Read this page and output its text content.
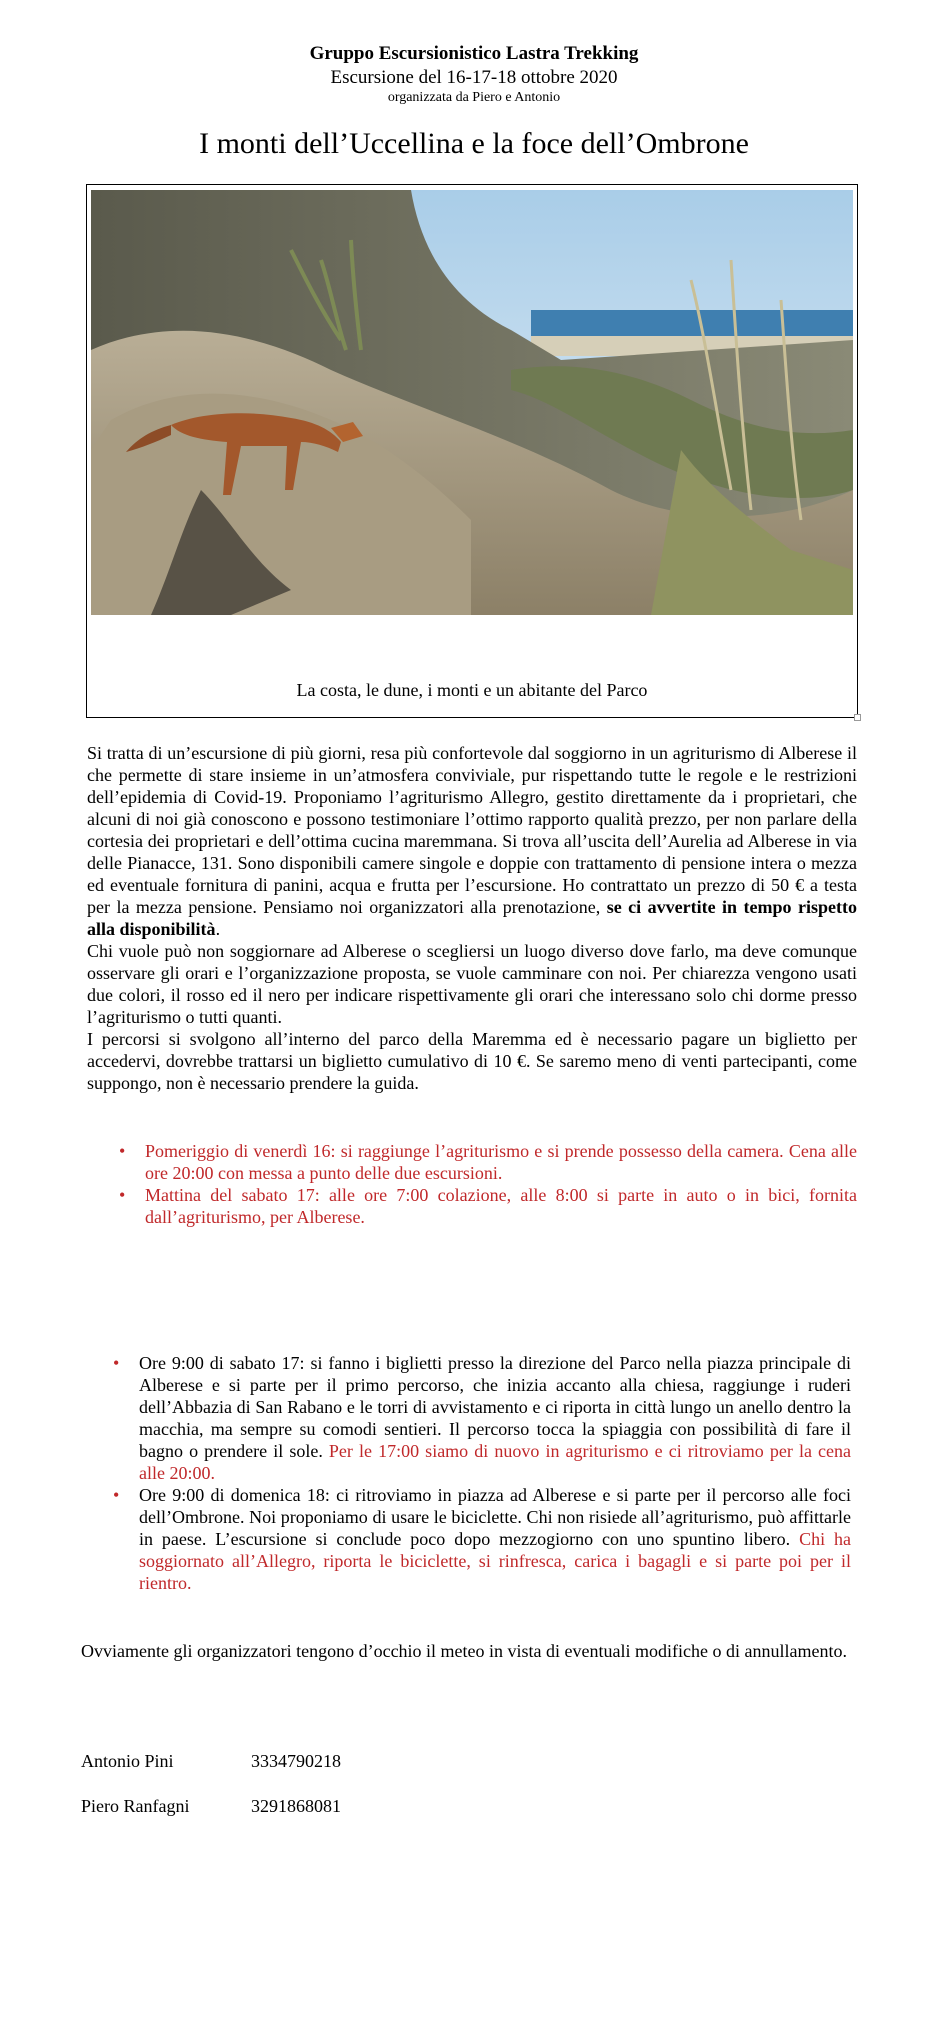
Gruppo Escursionistico Lastra Trekking
Escursione del 16-17-18 ottobre 2020
organizzata da Piero e Antonio
I monti dell’Uccellina e la foce dell’Ombrone
La costa, le dune, i monti e un abitante del Parco

Si tratta di un’escursione di più giorni, resa più confortevole dal soggiorno in un agriturismo di Alberese il che permette di stare insieme in un’atmosfera conviviale, pur rispettando tutte le regole e le restrizioni dell’epidemia di Covid-19. Proponiamo l’agriturismo Allegro, gestito direttamente da i proprietari, che alcuni di noi già conoscono e possono testimoniare l’ottimo rapporto qualità prezzo, per non parlare della cortesia dei proprietari e dell’ottima cucina maremmana. Si trova all’uscita dell’Aurelia ad Alberese in via delle Pianacce, 131. Sono disponibili camere singole e doppie con trattamento di pensione intera o mezza ed eventuale fornitura di panini, acqua e frutta per l’escursione. Ho contrattato un prezzo di 50 € a testa per la mezza pensione. Pensiamo noi organizzatori alla prenotazione, se ci avvertite in tempo rispetto alla disponibilità.

Chi vuole può non soggiornare ad Alberese o scegliersi un luogo diverso dove farlo, ma deve comunque osservare gli orari e l’organizzazione proposta, se vuole camminare con noi. Per chiarezza vengono usati due colori, il rosso ed il nero per indicare rispettivamente gli orari che interessano solo chi dorme presso l’agriturismo o tutti quanti.

I percorsi si svolgono all’interno del parco della Maremma ed è necessario pagare un biglietto per accedervi, dovrebbe trattarsi un biglietto cumulativo di 10 €. Se saremo meno di venti partecipanti, come suppongo, non è necessario prendere la guida.

• Pomeriggio di venerdì 16: si raggiunge l’agriturismo e si prende possesso della camera. Cena alle ore 20:00 con messa a punto delle due escursioni.
• Mattina del sabato 17: alle ore 7:00 colazione, alle 8:00 si parte in auto o in bici, fornita dall’agriturismo, per Alberese.
• Ore 9:00 di sabato 17: si fanno i biglietti presso la direzione del Parco nella piazza principale di Alberese e si parte per il primo percorso, che inizia accanto alla chiesa, raggiunge i ruderi dell’Abbazia di San Rabano e le torri di avvistamento e ci riporta in città lungo un anello dentro la macchia, ma sempre su comodi sentieri. Il percorso tocca la spiaggia con possibilità di fare il bagno o prendere il sole. Per le 17:00 siamo di nuovo in agriturismo e ci ritroviamo per la cena alle 20:00.
• Ore 9:00 di domenica 18: ci ritroviamo in piazza ad Alberese e si parte per il percorso alle foci dell’Ombrone. Noi proponiamo di usare le biciclette. Chi non risiede all’agriturismo, può affittarle in paese. L’escursione si conclude poco dopo mezzogiorno con uno spuntino libero. Chi ha soggiornato all’Allegro, riporta le biciclette, si rinfresca, carica i bagagli e si parte poi per il rientro.
Ovviamente gli organizzatori tengono d’occhio il meteo in vista di eventuali modifiche o di annullamento.
Antonio Pini	3334790218
Piero Ranfagni	3291868081
